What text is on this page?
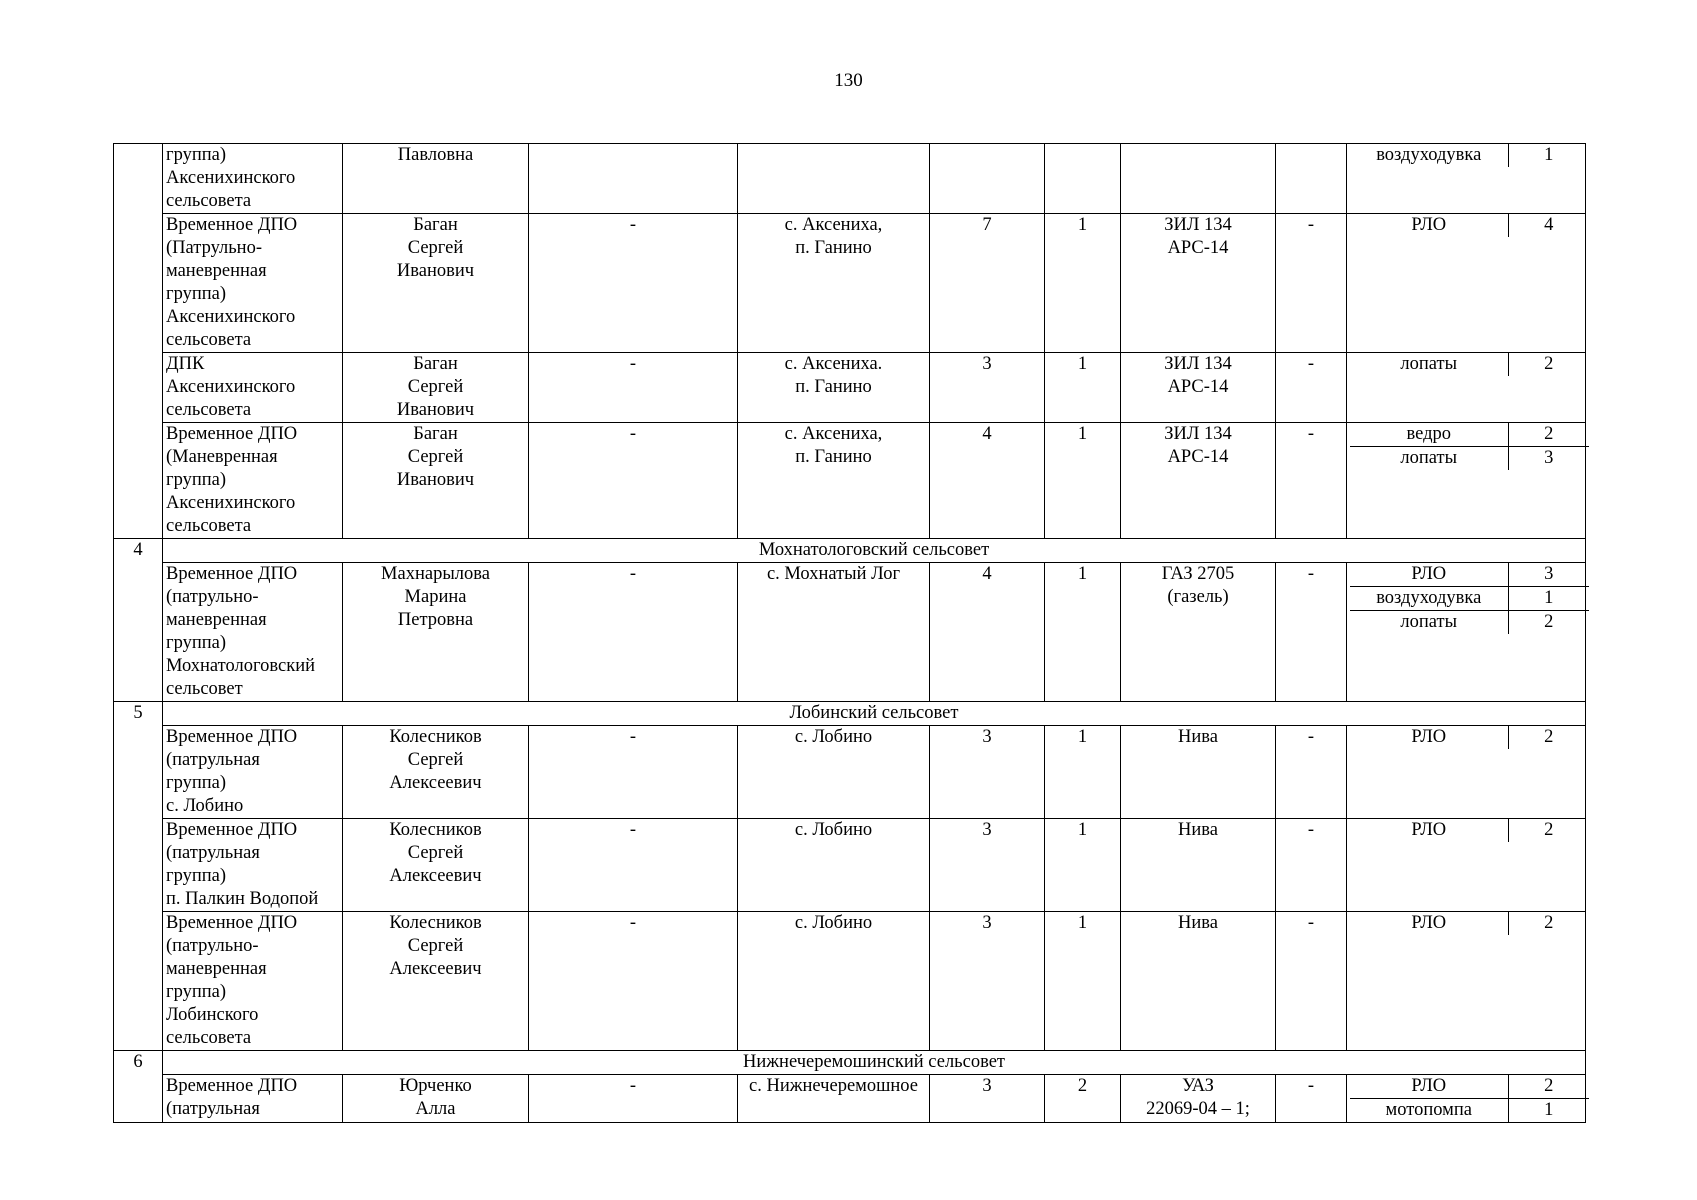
130
	группа)
Аксенихинского
сельсовета	Павловна								воздуходувка	1

Временное ДПО
(Патрульно-
маневренная
группа)
Аксенихинского
сельсовета	Баган
Сергей
Иванович	-	с. Аксениха,
п. Ганино	7	1	ЗИЛ 134
АРС-14	-		РЛО	4

ДПК
Аксенихинского
сельсовета	Баган
Сергей
Иванович	-	с. Аксениха.
п. Ганино	3	1	ЗИЛ 134
АРС-14	-		лопаты	2

Временное ДПО
(Маневренная
группа)
Аксенихинского
сельсовета	Баган
Сергей
Иванович	-	с. Аксениха,
п. Ганино	4	1	ЗИЛ 134
АРС-14	-		ведро	2
лопаты	3

4	Мохнатологовский сельсовет
Временное ДПО
(патрульно-
маневренная
группа)
Мохнатологовский
сельсовет	Махнарылова
Марина
Петровна	-	с. Мохнатый Лог	4	1	ГАЗ 2705
(газель)	-		РЛО	3
воздуходувка	1
лопаты	2

5	Лобинский сельсовет
Временное ДПО
(патрульная
группа)
с. Лобино	Колесников
Сергей
Алексеевич	-	с. Лобино	3	1	Нива	-		РЛО	2

Временное ДПО
(патрульная
группа)
п. Палкин Водопой	Колесников
Сергей
Алексеевич	-	с. Лобино	3	1	Нива	-		РЛО	2

Временное ДПО
(патрульно-
маневренная
группа)
Лобинского
сельсовета	Колесников
Сергей
Алексеевич	-	с. Лобино	3	1	Нива	-		РЛО	2

6	Нижнечеремошинский сельсовет
Временное ДПО
(патрульная	Юрченко
Алла	-	с. Нижнечеремошное	3	2	УАЗ
22069-04 – 1;	-		РЛО	2
мотопомпа	1
